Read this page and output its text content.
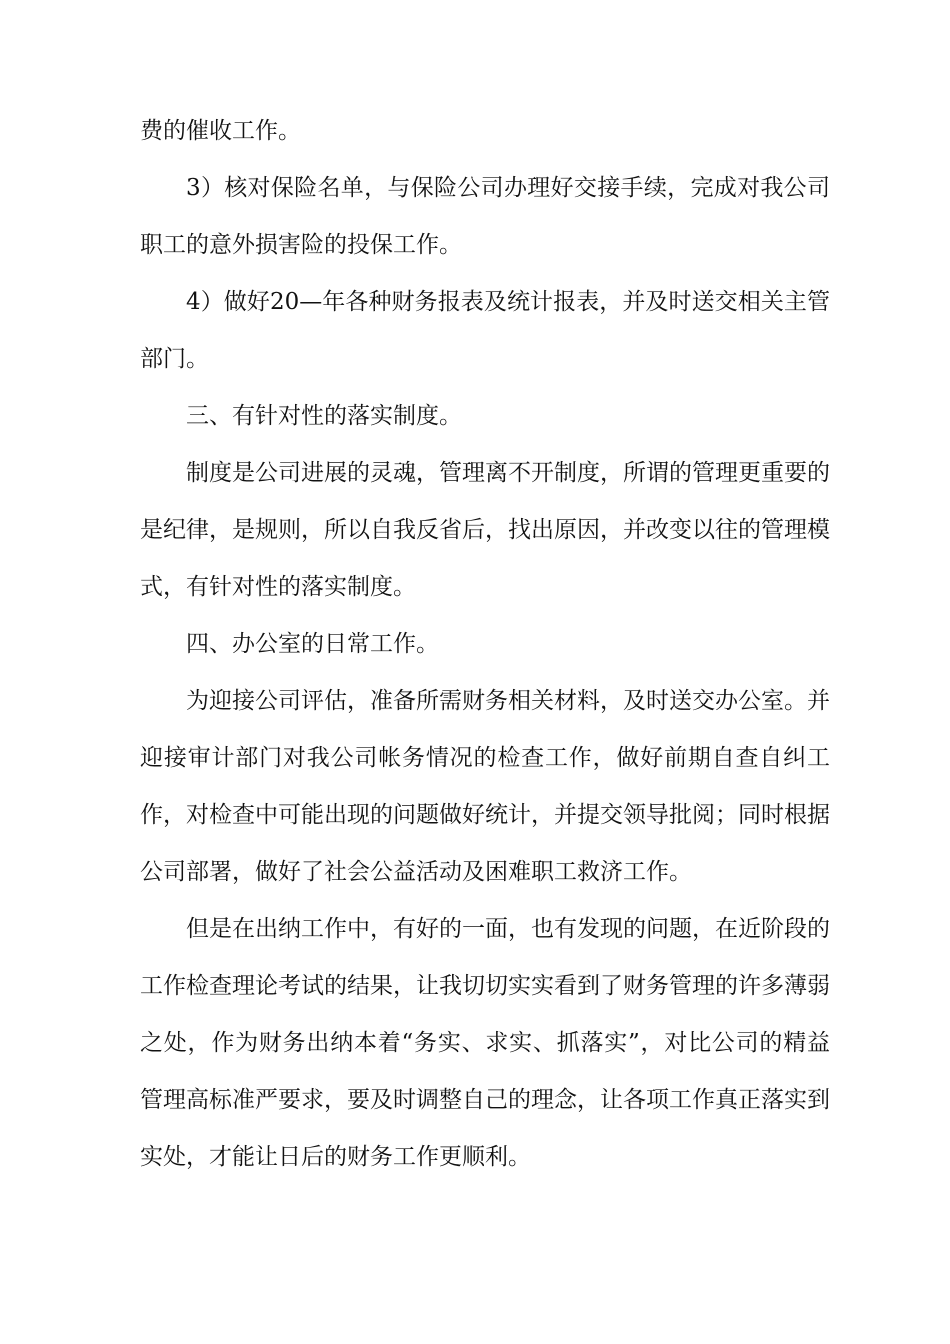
费的催收工作。

3）核对保险名单，与保险公司办理好交接手续，完成对我公司职工的意外损害险的投保工作。

4）做好20—年各种财务报表及统计报表，并及时送交相关主管部门。

三、有针对性的落实制度。

制度是公司进展的灵魂，管理离不开制度，所谓的管理更重要的是纪律，是规则，所以自我反省后，找出原因，并改变以往的管理模式，有针对性的落实制度。

四、办公室的日常工作。

为迎接公司评估，准备所需财务相关材料，及时送交办公室。并迎接审计部门对我公司帐务情况的检查工作，做好前期自查自纠工作，对检查中可能出现的问题做好统计，并提交领导批阅；同时根据公司部署，做好了社会公益活动及困难职工救济工作。

但是在出纳工作中，有好的一面，也有发现的问题，在近阶段的工作检查理论考试的结果，让我切切实实看到了财务管理的许多薄弱之处，作为财务出纳本着“务实、求实、抓落实”，对比公司的精益管理高标准严要求，要及时调整自己的理念，让各项工作真正落实到实处，才能让日后的财务工作更顺利。
